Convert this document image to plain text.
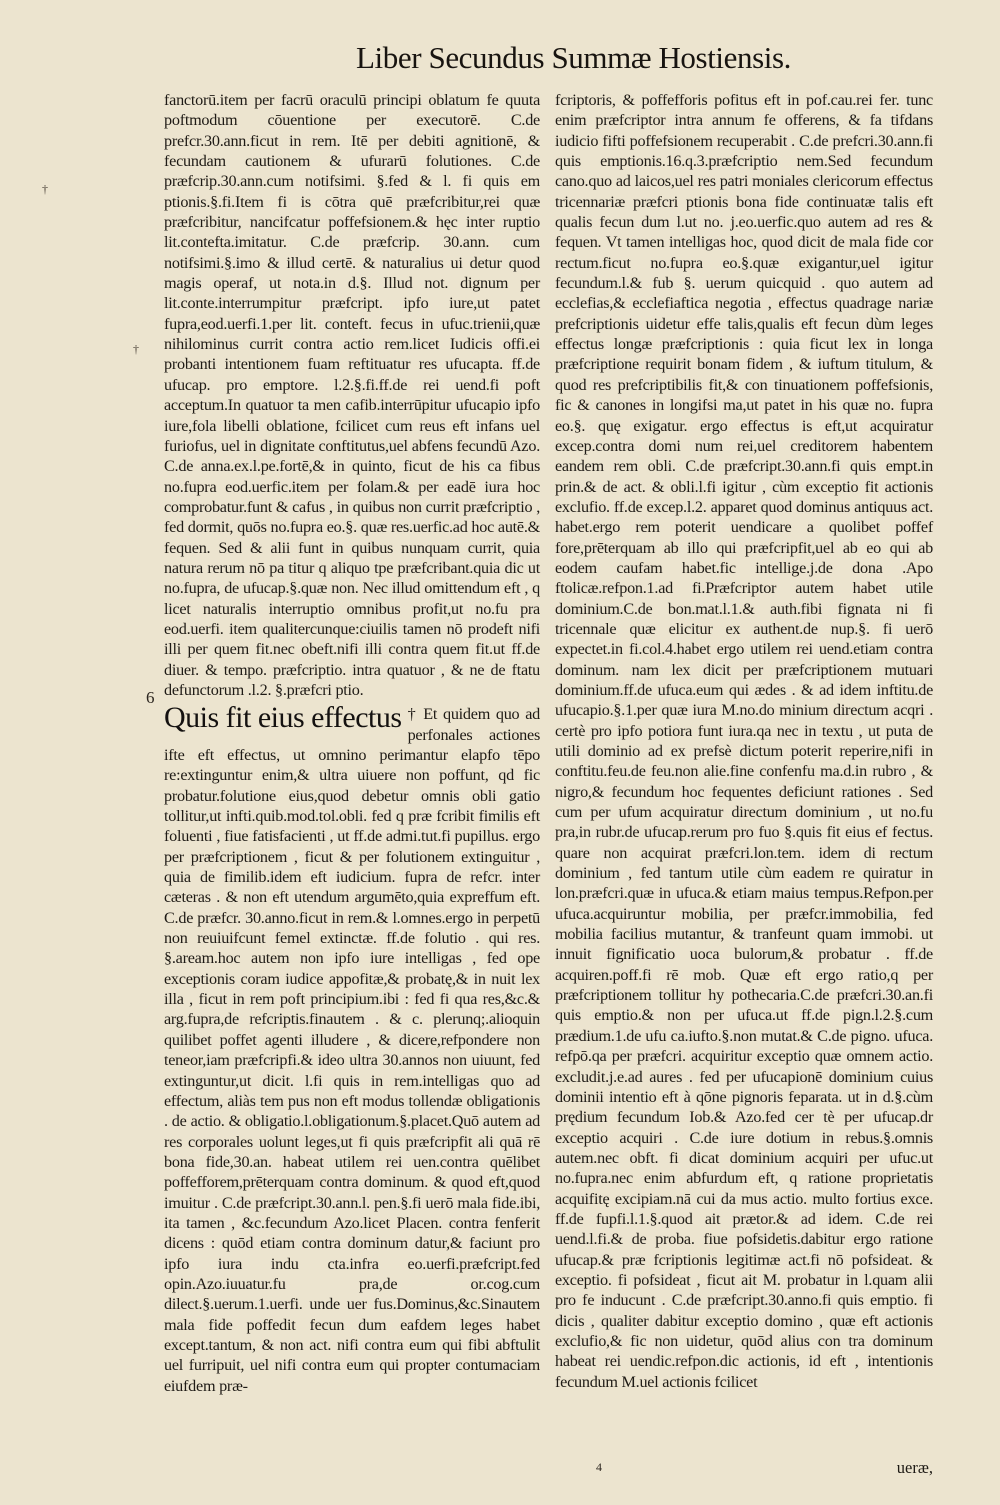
Liber Secundus Summæ Hostiensis.
†
†
6

fanctorū.item per facrū oraculū principi oblatum fe quuta poftmodum cōuentione per executorē. C.de prefcr.30.ann.ficut in rem. Itē per debiti agnitionē, & fecundam cautionem & ufurarū folutiones. C.de præfcrip.30.ann.cum notifsimi. §.fed & l. fi quis em ptionis.§.fi.Item fi is cōtra quē præfcribitur,rei quæ præfcribitur, nancifcatur poffefsionem.& hęc inter ruptio lit.contefta.imitatur. C.de præfcrip. 30.ann. cum notifsimi.§.imo & illud certē. & naturalius ui detur quod magis operaf, ut nota.in d.§. Illud not. dignum per lit.conte.interrumpitur præfcript. ipfo iure,ut patet fupra,eod.uerfi.1.per lit. conteft. fecus in ufuc.trienii,quæ nihilominus currit contra actio rem.licet Iudicis offi.ei probanti intentionem fuam reftituatur res ufucapta. ff.de ufucap. pro emptore. l.2.§.fi.ff.de rei uend.fi poft acceptum.In quatuor ta men cafib.interrūpitur ufucapio ipfo iure,fola libelli oblatione, fcilicet cum reus eft infans uel furiofus, uel in dignitate conftitutus,uel abfens fecundū Azo. C.de anna.ex.l.pe.fortē,& in quinto, ficut de his ca fibus no.fupra eod.uerfic.item per folam.& per eadē iura hoc comprobatur.funt & cafus , in quibus non currit præfcriptio , fed dormit, quōs no.fupra eo.§. quæ res.uerfic.ad hoc autē.& fequen. Sed & alii funt in quibus nunquam currit, quia natura rerum nō pa titur q aliquo tpe præfcribant.quia dic ut no.fupra, de ufucap.§.quæ non. Nec illud omittendum eft , q licet naturalis interruptio omnibus profit,ut no.fu pra eod.uerfi. item qualitercunque:ciuilis tamen nō prodeft nifi illi per quem fit.nec obeft.nifi illi contra quem fit.ut ff.de diuer. & tempo. præfcriptio. intra quatuor , & ne de ftatu defunctorum .l.2. §.præfcri ptio.

Quis fit eius effectus † Et quidem quo ad perfonales actiones ifte eft effectus, ut omnino perimantur elapfo tēpo re:extinguntur enim,& ultra uiuere non poffunt, qd fic probatur.folutione eius,quod debetur omnis obli gatio tollitur,ut infti.quib.mod.tol.obli. fed q præ fcribit fimilis eft foluenti , fiue fatisfacienti , ut ff.de admi.tut.fi pupillus. ergo per præfcriptionem , ficut & per folutionem extinguitur , quia de fimilib.idem eft iudicium. fupra de refcr. inter cæteras . & non eft utendum argumēto,quia expreffum eft. C.de præfcr. 30.anno.ficut in rem.& l.omnes.ergo in perpetū non reuiuifcunt femel extinctæ. ff.de folutio . qui res. §.aream.hoc autem non ipfo iure intelligas , fed ope exceptionis coram iudice appofitæ,& probatę,& in nuit lex illa , ficut in rem poft principium.ibi : fed fi qua res,&c.& arg.fupra,de refcriptis.finautem . & c. plerunq;.alioquin quilibet poffet agenti illudere , & dicere,refpondere non teneor,iam præfcripfi.& ideo ultra 30.annos non uiuunt, fed extinguntur,ut dicit. l.fi quis in rem.intelligas quo ad effectum, aliàs tem pus non eft modus tollendæ obligationis . de actio. & obligatio.l.obligationum.§.placet.Quō autem ad res corporales uolunt leges,ut fi quis præfcripfit ali quā rē bona fide,30.an. habeat utilem rei uen.contra quēlibet poffefforem,prēterquam contra dominum. & quod eft,quod imuitur . C.de præfcript.30.ann.l. pen.§.fi uerō mala fide.ibi, ita tamen , &c.fecundum Azo.licet Placen. contra fenferit dicens : quōd etiam contra dominum datur,& faciunt pro ipfo iura indu cta.infra eo.uerfi.præfcript.fed opin.Azo.iuuatur.fu pra,de or.cog.cum dilect.§.uerum.1.uerfi. unde uer fus.Dominus,&c.Sinautem mala fide poffedit fecun dum eafdem leges habet except.tantum, & non act. nifi contra eum qui fibi abftulit uel furripuit, uel nifi contra eum qui propter contumaciam eiufdem præ-

fcriptoris, & poffefforis pofitus eft in pof.cau.rei fer. tunc enim præfcriptor intra annum fe offerens, & fa tifdans iudicio fifti poffefsionem recuperabit . C.de prefcri.30.ann.fi quis emptionis.16.q.3.præfcriptio nem.Sed fecundum cano.quo ad laicos,uel res patri moniales clericorum effectus tricennariæ præfcri ptionis bona fide continuatæ talis eft qualis fecun dum l.ut no. j.eo.uerfic.quo autem ad res & fequen. Vt tamen intelligas hoc, quod dicit de mala fide cor rectum.ficut no.fupra eo.§.quæ exigantur,uel igitur fecundum.l.& fub §. uerum quicquid . quo autem ad ecclefias,& ecclefiaftica negotia , effectus quadrage nariæ prefcriptionis uidetur effe talis,qualis eft fecun dùm leges effectus longæ præfcriptionis : quia ficut lex in longa præfcriptione requirit bonam fidem , & iuftum titulum, & quod res prefcriptibilis fit,& con tinuationem poffefsionis, fic & canones in longifsi ma,ut patet in his quæ no. fupra eo.§. quę exigatur. ergo effectus is eft,ut acquiratur excep.contra domi num rei,uel creditorem habentem eandem rem obli. C.de præfcript.30.ann.fi quis empt.in prin.& de act. & obli.l.fi igitur , cùm exceptio fit actionis exclufio. ff.de excep.l.2. apparet quod dominus antiquus act. habet.ergo rem poterit uendicare a quolibet poffef fore,prēterquam ab illo qui præfcripfit,uel ab eo qui ab eodem caufam habet.fic intellige.j.de dona .Apo ftolicæ.refpon.1.ad fi.Præfcriptor autem habet utile dominium.C.de bon.mat.l.1.& auth.fibi fignata ni fi tricennale quæ elicitur ex authent.de nup.§. fi uerō expectet.in fi.col.4.habet ergo utilem rei uend.etiam contra dominum. nam lex dicit per præfcriptionem mutuari dominium.ff.de ufuca.eum qui ædes . & ad idem inftitu.de ufucapio.§.1.per quæ iura M.no.do minium directum acqri . certè pro ipfo potiora funt iura.qa nec in textu , ut puta de utili dominio ad ex prefsè dictum poterit reperire,nifi in conftitu.feu.de feu.non alie.fine confenfu ma.d.in rubro , & nigro,& fecundum hoc fequentes deficiunt rationes . Sed cum per ufum acquiratur directum dominium , ut no.fu pra,in rubr.de ufucap.rerum pro fuo §.quis fit eius ef fectus. quare non acquirat præfcri.lon.tem. idem di rectum dominium , fed tantum utile cùm eadem re quiratur in lon.præfcri.quæ in ufuca.& etiam maius tempus.Refpon.per ufuca.acquiruntur mobilia, per præfcr.immobilia, fed mobilia facilius mutantur, & tranfeunt quam immobi. ut innuit fignificatio uoca bulorum,& probatur . ff.de acquiren.poff.fi rē mob. Quæ eft ergo ratio,q per præfcriptionem tollitur hy pothecaria.C.de præfcri.30.an.fi quis emptio.& non per ufuca.ut ff.de pign.l.2.§.cum prædium.1.de ufu ca.iufto.§.non mutat.& C.de pigno. ufuca. refpō.qa per præfcri. acquiritur exceptio quæ omnem actio. excludit.j.e.ad aures . fed per ufucapionē dominium cuius dominii intentio eft à qōne pignoris feparata. ut in d.§.cùm prędium fecundum Iob.& Azo.fed cer tè per ufucap.dr exceptio acquiri . C.de iure dotium in rebus.§.omnis autem.nec obft. fi dicat dominium acquiri per ufuc.ut no.fupra.nec enim abfurdum eft, q ratione proprietatis acquifitę excipiam.nā cui da mus actio. multo fortius exce. ff.de fupfi.l.1.§.quod ait prætor.& ad idem. C.de rei uend.l.fi.& de proba. fiue pofsidetis.dabitur ergo ratione ufucap.& præ fcriptionis legitimæ act.fi nō pofsideat. & exceptio. fi pofsideat , ficut ait M. probatur in l.quam alii pro fe inducunt . C.de præfcript.30.anno.fi quis emptio. fi dicis , qualiter dabitur exceptio domino , quæ eft actionis exclufio,& fic non uidetur, quōd alius con tra dominum habeat rei uendic.refpon.dic actionis, id eft , intentionis fecundum M.uel actionis fcilicet

4	ueræ,
